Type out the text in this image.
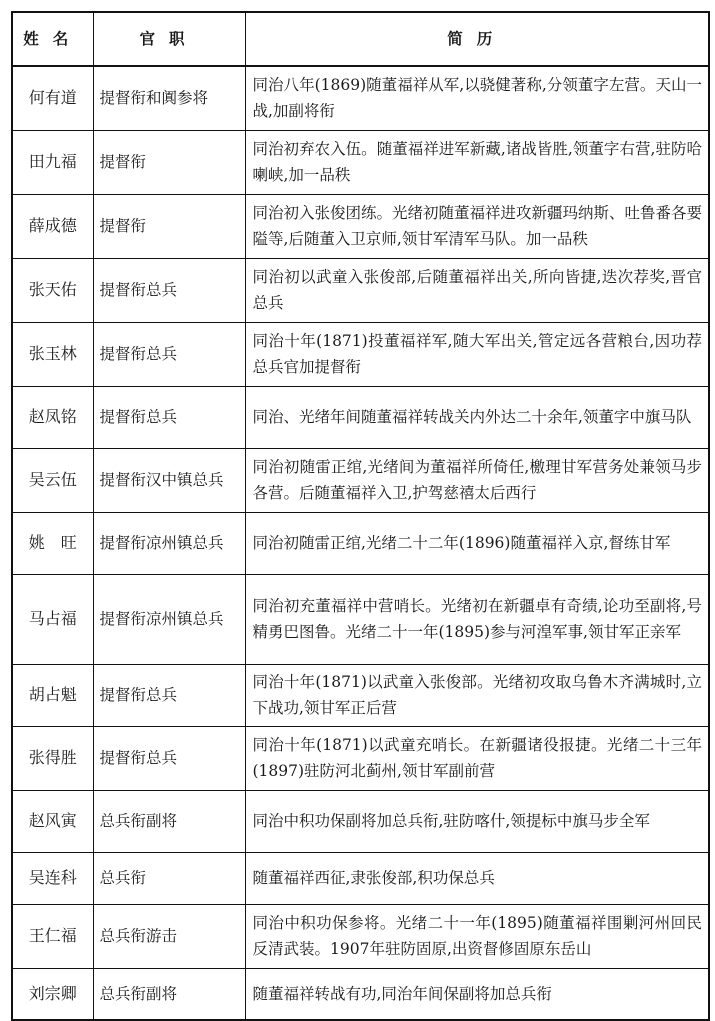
姓名	官职	简历
何有道	提督衔和阗参将	同治八年(1869)随董福祥从军,以骁健著称,分领董字左营。天山一战,加副将衔
田九福	提督衔	同治初弃农入伍。随董福祥进军新藏,诸战皆胜,领董字右营,驻防哈喇峡,加一品秩
薛成德	提督衔	同治初入张俊团练。光绪初随董福祥进攻新疆玛纳斯、吐鲁番各要隘等,后随董入卫京师,领甘军清军马队。加一品秩
张天佑	提督衔总兵	同治初以武童入张俊部,后随董福祥出关,所向皆捷,迭次荐奖,晋官总兵
张玉林	提督衔总兵	同治十年(1871)投董福祥军,随大军出关,管定远各营粮台,因功荐总兵官加提督衔
赵凤铭	提督衔总兵	同治、光绪年间随董福祥转战关内外达二十余年,领董字中旗马队
吴云伍	提督衔汉中镇总兵	同治初随雷正绾,光绪间为董福祥所倚任,檄理甘军营务处兼领马步各营。后随董福祥入卫,护驾慈禧太后西行
姚　旺	提督衔凉州镇总兵	同治初随雷正绾,光绪二十二年(1896)随董福祥入京,督练甘军
马占福	提督衔凉州镇总兵	同治初充董福祥中营哨长。光绪初在新疆卓有奇绩,论功至副将,号精勇巴图鲁。光绪二十一年(1895)参与河湟军事,领甘军正亲军
胡占魁	提督衔总兵	同治十年(1871)以武童入张俊部。光绪初攻取乌鲁木齐满城时,立下战功,领甘军正后营
张得胜	提督衔总兵	同治十年(1871)以武童充哨长。在新疆诸役报捷。光绪二十三年(1897)驻防河北蓟州,领甘军副前营
赵风寅	总兵衔副将	同治中积功保副将加总兵衔,驻防喀什,领提标中旗马步全军
吴连科	总兵衔	随董福祥西征,隶张俊部,积功保总兵
王仁福	总兵衔游击	同治中积功保参将。光绪二十一年(1895)随董福祥围剿河州回民反清武装。1907年驻防固原,出资督修固原东岳山
刘宗卿	总兵衔副将	随董福祥转战有功,同治年间保副将加总兵衔
